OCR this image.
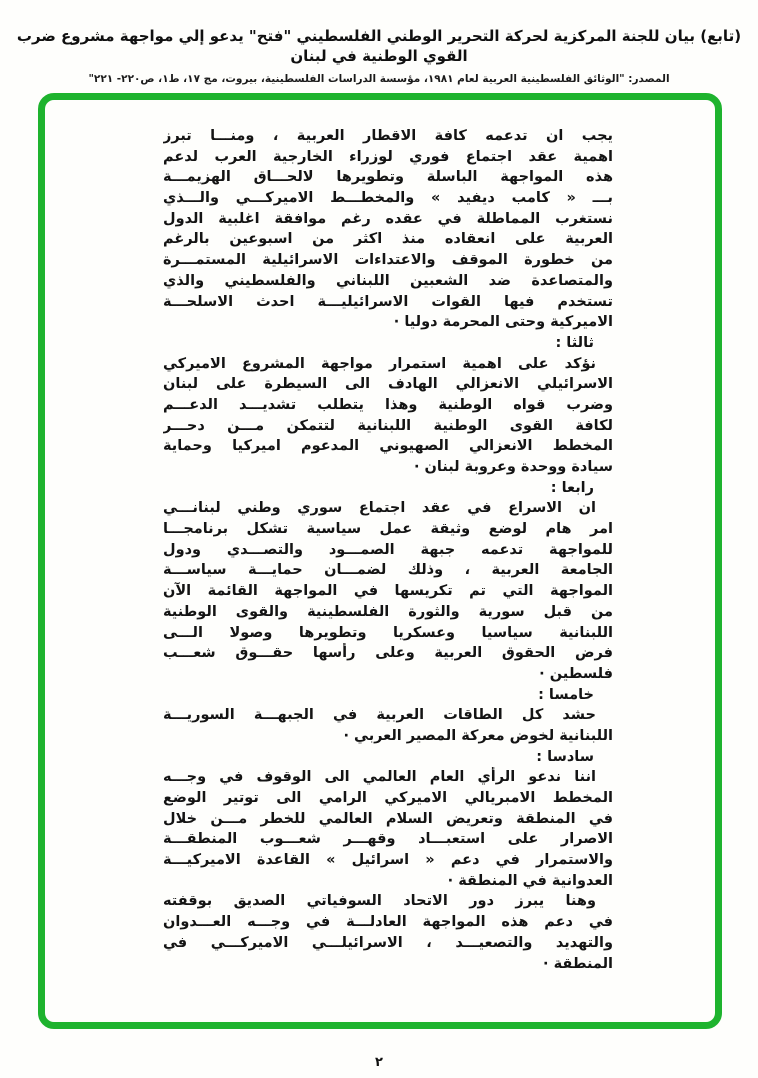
(تابع) بيان للجنة المركزية لحركة التحرير الوطني الفلسطيني "فتح" يدعو إلي مواجهة مشروع ضرب القوي الوطنية في لبنان
المصدر: "الوثائق الفلسطينية العربية لعام ١٩٨١، مؤسسة الدراسات الفلسطينية، بيروت، مج ١٧، ط١، ص٢٢٠- ٢٢١"
يجب ان تدعمه كافة الاقطار العربية ، ومنـــا تبرز
اهمية عقد اجتماع فوري لوزراء الخارجية العرب لدعم
هذه المواجهة الباسلة وتطويرها لالحـــاق الهزيمـــة
بـــ « كامب ديفيد » والمخطـــط الاميركـــي والـــذي
نستغرب المماطلة في عقده رغم موافقة اغلبية الدول
العربية على انعقاده منذ اكثر من اسبوعين بالرغم
من خطورة الموقف والاعتداءات الاسرائيلية المستمـــرة
والمتصاعدة ضد الشعبين اللبناني والفلسطيني والذي
تستخدم فيها القوات الاسرائيليـــة احدث الاسلحـــة
الاميركية وحتى المحرمة دوليا ·
ثالثا :
نؤكد على اهمية استمرار مواجهة المشروع الاميركي
الاسرائيلي الانعزالي الهادف الى السيطرة على لبنان
وضرب قواه الوطنية وهذا يتطلب تشديـــد الدعـــم
لكافة القوى الوطنية اللبنانية لتتمكن مـــن دحـــر
المخطط الانعزالي الصهيوني المدعوم اميركيا وحماية
سيادة ووحدة وعروبة لبنان ·
رابعا :
ان الاسراع في عقد اجتماع سوري وطني لبنانـــي
امر هام لوضع وثيقة عمل سياسية تشكل برنامجـــا
للمواجهة تدعمه جبهة الصمـــود والتصـــدي ودول
الجامعة العربية ، وذلك لضمـــان حمايـــة سياســـة
المواجهة التي تم تكريسها في المواجهة القائمة الآن
من قبل سورية والثورة الفلسطينية والقوى الوطنية
اللبنانية سياسيا وعسكريا وتطويرها وصولا الـــى
فرض الحقوق العربية وعلى رأسها حقـــوق شعـــب
فلسطين ·
خامسا :
حشد كل الطاقات العربية في الجبهـــة السوريـــة
اللبنانية لخوض معركة المصير العربي ·
سادسا :
اننا ندعو الرأي العام العالمي الى الوقوف في وجـــه
المخطط الامبريالي الاميركي الرامي الى توتير الوضع
في المنطقة وتعريض السلام العالمي للخطر مـــن خلال
الاصرار على استعبـــاد وقهـــر شعـــوب المنطقـــة
والاستمرار في دعم « اسرائيل » القاعدة الاميركيـــة
العدوانية في المنطقة ·
وهنا يبرز دور الاتحاد السوفياتي الصديق بوقفته
في دعم هذه المواجهة العادلـــة في وجـــه العـــدوان
والتهديد والتصعيـــد ، الاسرائيلـــي الاميركـــي في
المنطقة ·
٢
